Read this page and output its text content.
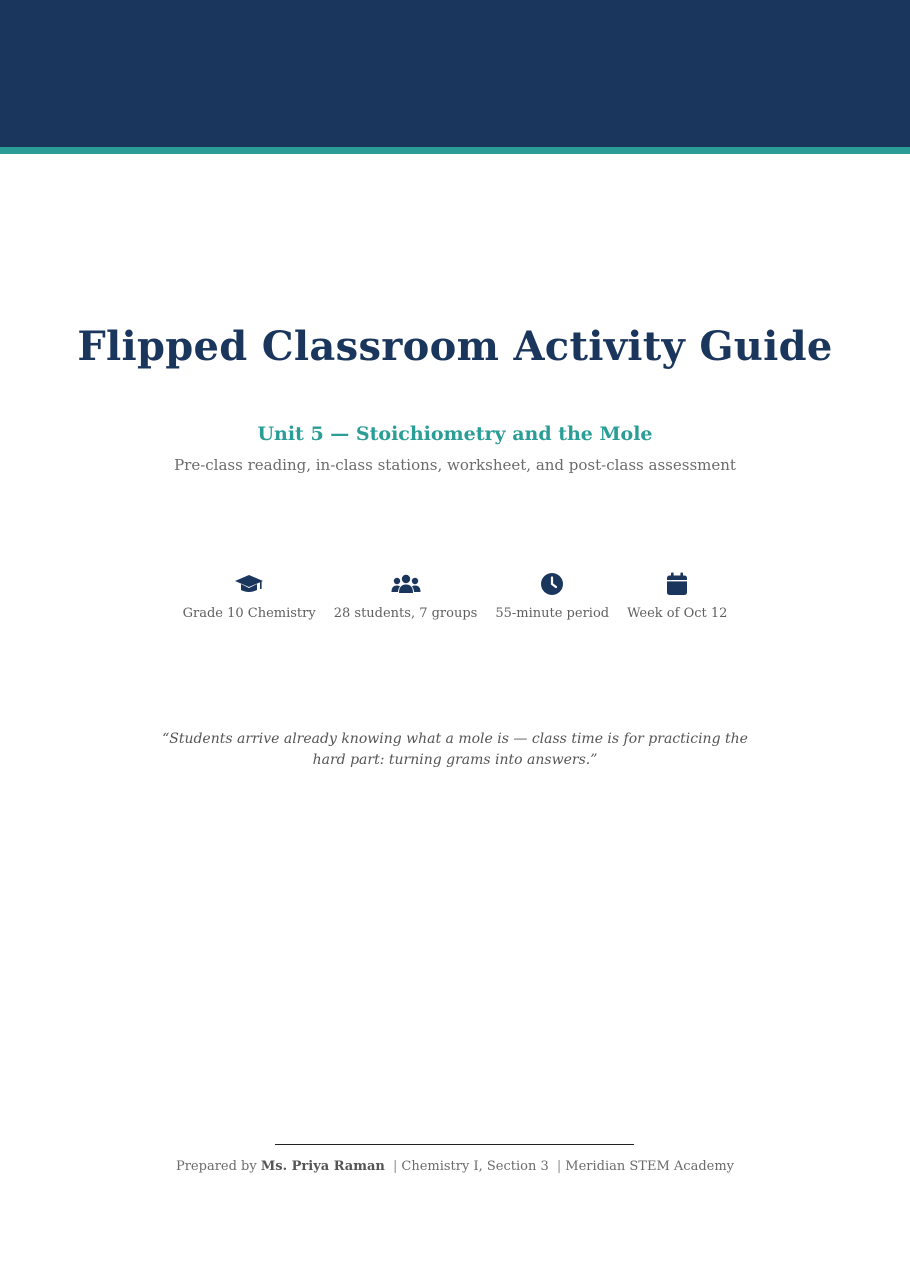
Flipped Classroom Activity Guide
Unit 5 — Stoichiometry and the Mole

Pre-class reading, in-class stations, worksheet, and post-class assessment

Grade 10 Chemistry 28 students, 7 groups 55-minute period Week of Oct 12

“Students arrive already knowing what a mole is — class time is for practicing the hard part: turning grams into answers.”

Prepared by Ms. Priya Raman | Chemistry I, Section 3 | Meridian STEM Academy
